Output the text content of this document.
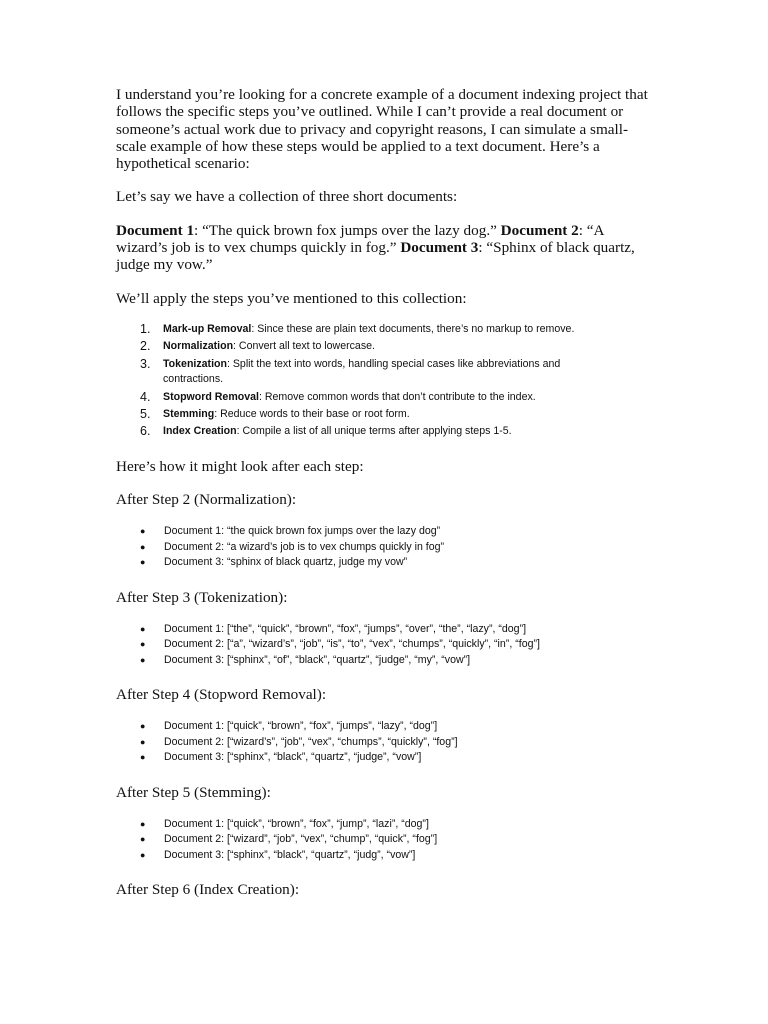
I understand you’re looking for a concrete example of a document indexing project that follows the specific steps you’ve outlined. While I can’t provide a real document or someone’s actual work due to privacy and copyright reasons, I can simulate a small-scale example of how these steps would be applied to a text document. Here’s a hypothetical scenario:

Let’s say we have a collection of three short documents:

Document 1: “The quick brown fox jumps over the lazy dog.” Document 2: “A wizard’s job is to vex chumps quickly in fog.” Document 3: “Sphinx of black quartz, judge my vow.”

We’ll apply the steps you’ve mentioned to this collection:

1.	Mark-up Removal: Since these are plain text documents, there’s no markup to remove.
2.	Normalization: Convert all text to lowercase.
3.	Tokenization: Split the text into words, handling special cases like abbreviations and contractions.
4.	Stopword Removal: Remove common words that don’t contribute to the index.
5.	Stemming: Reduce words to their base or root form.
6.	Index Creation: Compile a list of all unique terms after applying steps 1-5.

Here’s how it might look after each step:

After Step 2 (Normalization):

●	Document 1: “the quick brown fox jumps over the lazy dog”
●	Document 2: “a wizard’s job is to vex chumps quickly in fog”
●	Document 3: “sphinx of black quartz, judge my vow”

After Step 3 (Tokenization):

●	Document 1: [“the”, “quick”, “brown”, “fox”, “jumps”, “over”, “the”, “lazy”, “dog”]
●	Document 2: [“a”, “wizard’s”, “job”, “is”, “to”, “vex”, “chumps”, “quickly”, “in”, “fog”]
●	Document 3: [“sphinx”, “of”, “black”, “quartz”, “judge”, “my”, “vow”]

After Step 4 (Stopword Removal):

●	Document 1: [“quick”, “brown”, “fox”, “jumps”, “lazy”, “dog”]
●	Document 2: [“wizard’s”, “job”, “vex”, “chumps”, “quickly”, “fog”]
●	Document 3: [“sphinx”, “black”, “quartz”, “judge”, “vow”]

After Step 5 (Stemming):

●	Document 1: [“quick”, “brown”, “fox”, “jump”, “lazi”, “dog”]
●	Document 2: [“wizard”, “job”, “vex”, “chump”, “quick”, “fog”]
●	Document 3: [“sphinx”, “black”, “quartz”, “judg”, “vow”]

After Step 6 (Index Creation):
